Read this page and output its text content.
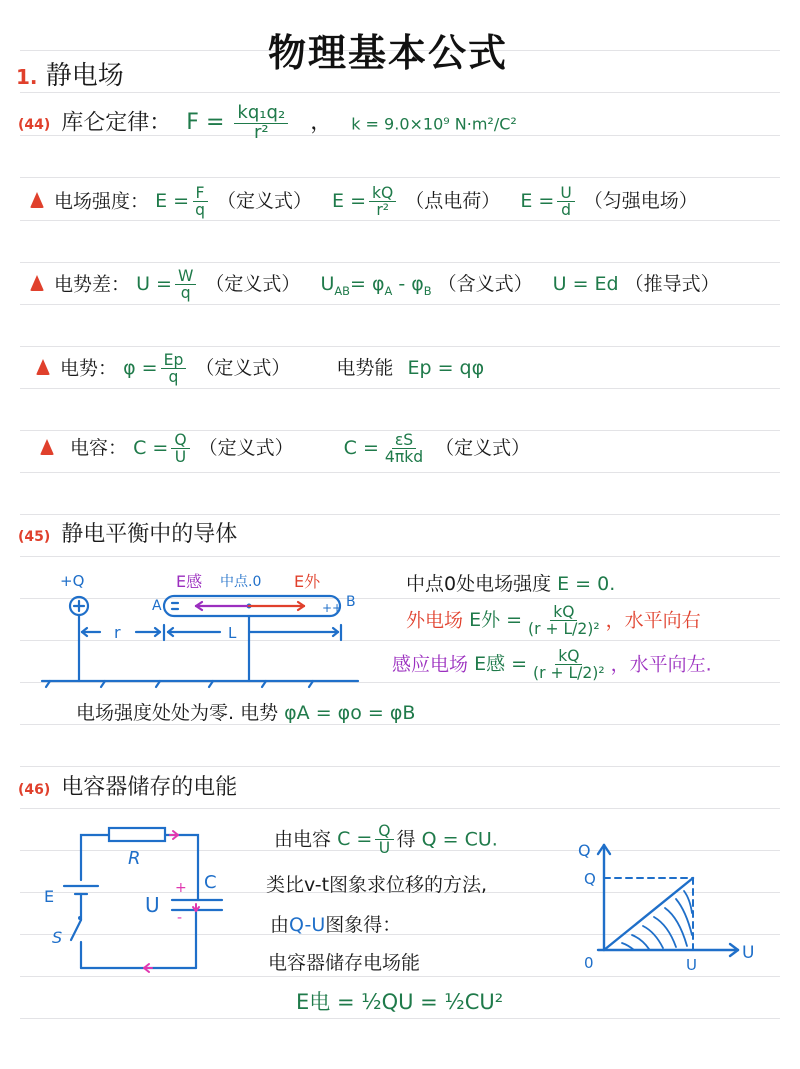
物理基本公式
1. 静电场
(44) 库仑定律： $F = \frac{\text{kq₁q₂}}{\text{r²}}$ ， k = 9.0×10⁹ N·m²/C²
电场强度： $E = \frac{F}{q}$ （定义式） $E = \frac{kQ}{\text{r²}}$ （点电荷） $E = \frac{U}{d}$ （匀强电场）
电势差： $U = \frac{W}{q}$ （定义式） $U_{AB}= \varphi_A - \varphi_B$ （含义式） U = Ed （推导式）
电势： $\varphi = \frac{Ep}{q}$ （定义式） 电势能 Ep = qφ
电容： $C = \frac{Q}{U}$ （定义式）	$C = \frac{\varepsilon S}{\text{4πkd}}$ （定义式）
(45) 静电平衡中的导体
+Q	E感 中点.0 E外
A	B
++
r	L
中点0处电场强度 E = 0.
外电场 E外 = $\frac{kQ}{\text{(r + L/2)²}}$ ，水平向右
感应电场 E感 = $\frac{kQ}{\text{(r + L/2)²}}$ ，水平向左.
电场强度处处为零. 电势 φA = φo = φB
(46) 电容器储存的电能
R
C
U
E
S
+
-
由电容 $C = \frac{Q}{U}$ 得 Q = CU.
类比v-t图象求位移的方法,
由Q-U图象得：
电容器储存电场能
E电 = ½QU = ½CU²
Q
Q
U
0	U
